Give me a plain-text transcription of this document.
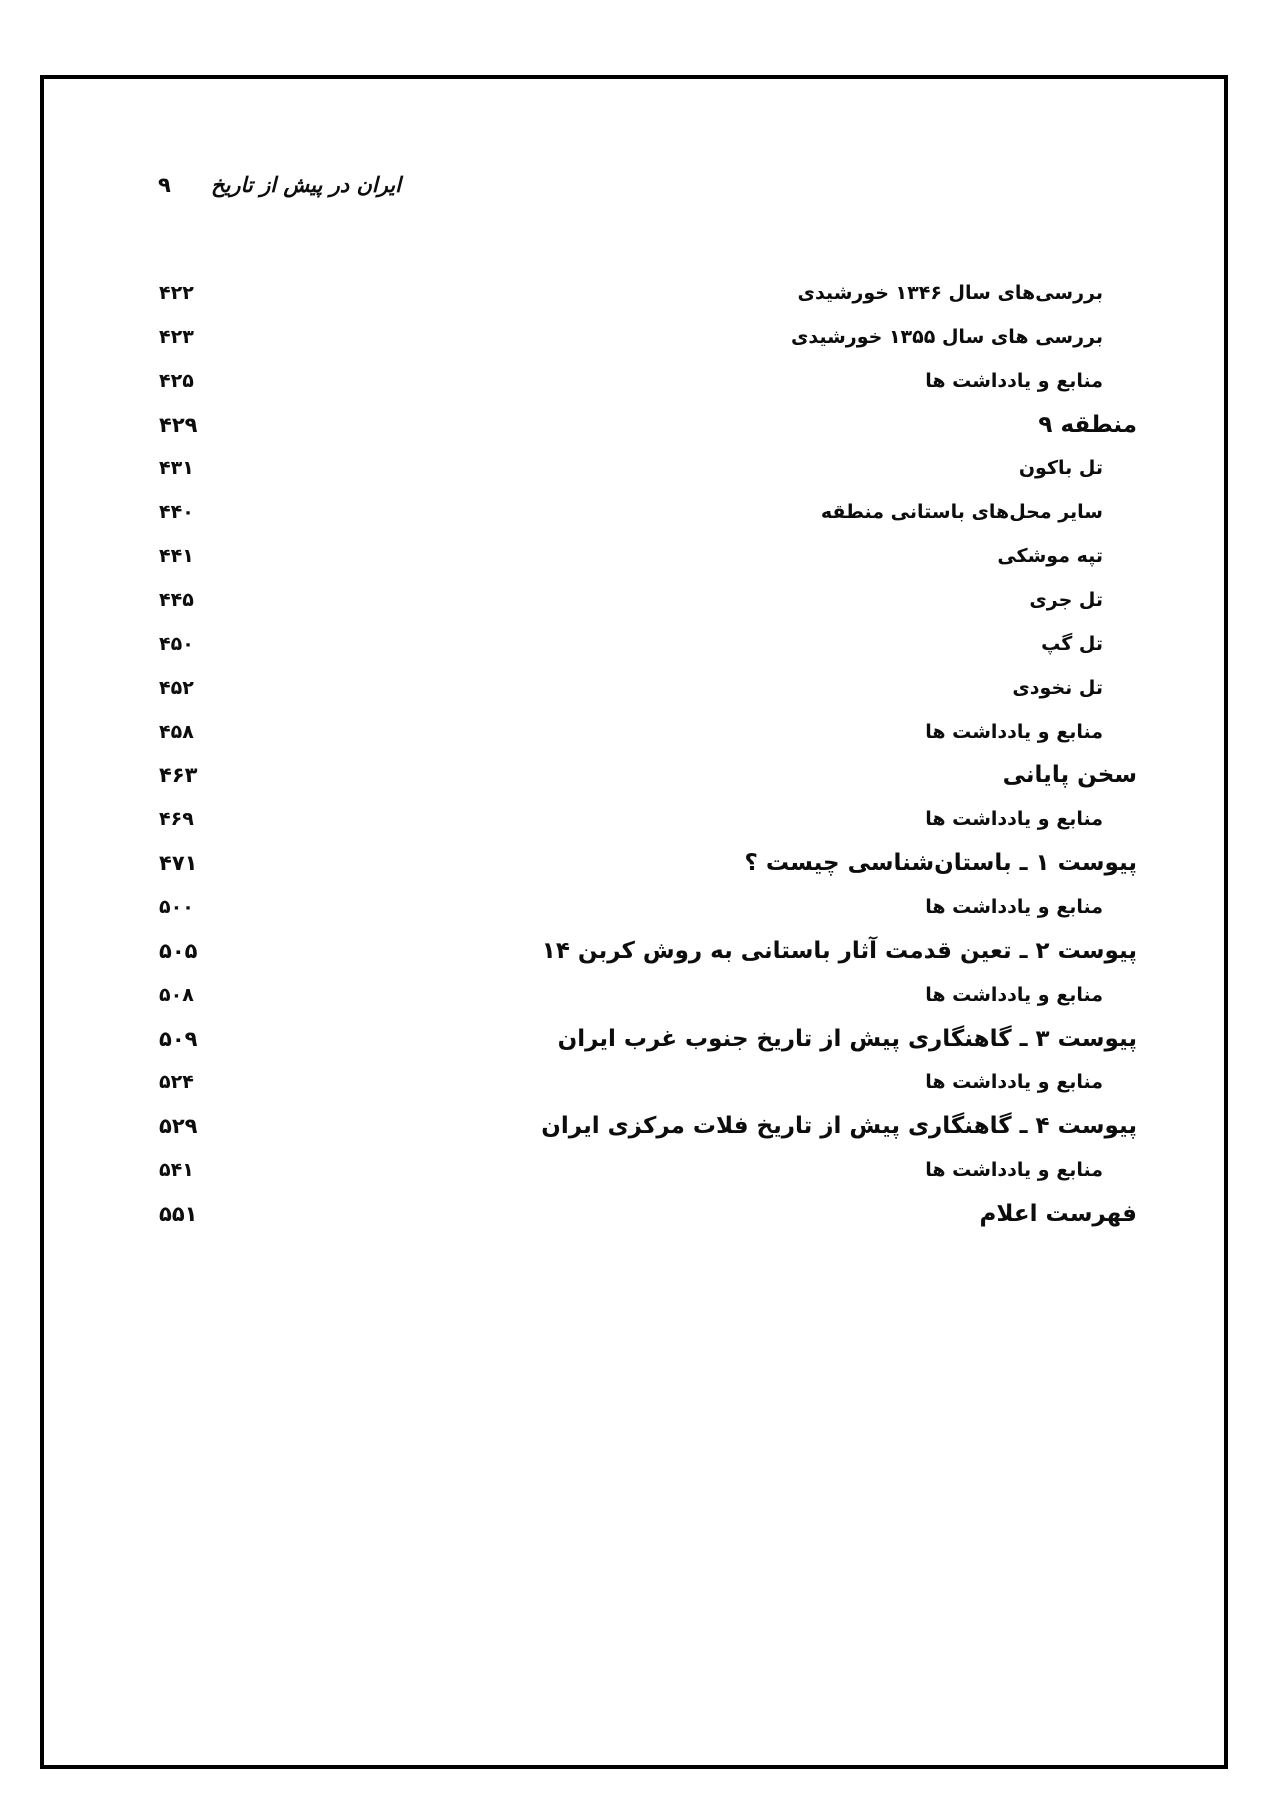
ایران در پیش از تاریخ
۹
بررسی‌های سال ۱۳۴۶ خورشیدی
۴۲۲
بررسی های سال ۱۳۵۵ خورشیدی
۴۲۳
منابع و یادداشت ها
۴۲۵
منطقه ۹
۴۲۹
تل باکون
۴۳۱
سایر محل‌های باستانی منطقه
۴۴۰
تپه موشکی
۴۴۱
تل جری
۴۴۵
تل گپ
۴۵۰
تل نخودی
۴۵۲
منابع و یادداشت ها
۴۵۸
سخن پایانی
۴۶۳
منابع و یادداشت ها
۴۶۹
پیوست ۱ ـ باستان‌شناسی چیست ؟
۴۷۱
منابع و یادداشت ها
۵۰۰
پیوست ۲ ـ تعین قدمت آثار باستانی به روش کربن ۱۴
۵۰۵
منابع و یادداشت ها
۵۰۸
پیوست ۳ ـ گاهنگاری پیش از تاریخ جنوب غرب ایران
۵۰۹
منابع و یادداشت ها
۵۲۴
پیوست ۴ ـ گاهنگاری پیش از تاریخ فلات مرکزی ایران
۵۲۹
منابع و یادداشت ها
۵۴۱
فهرست اعلام
۵۵۱
